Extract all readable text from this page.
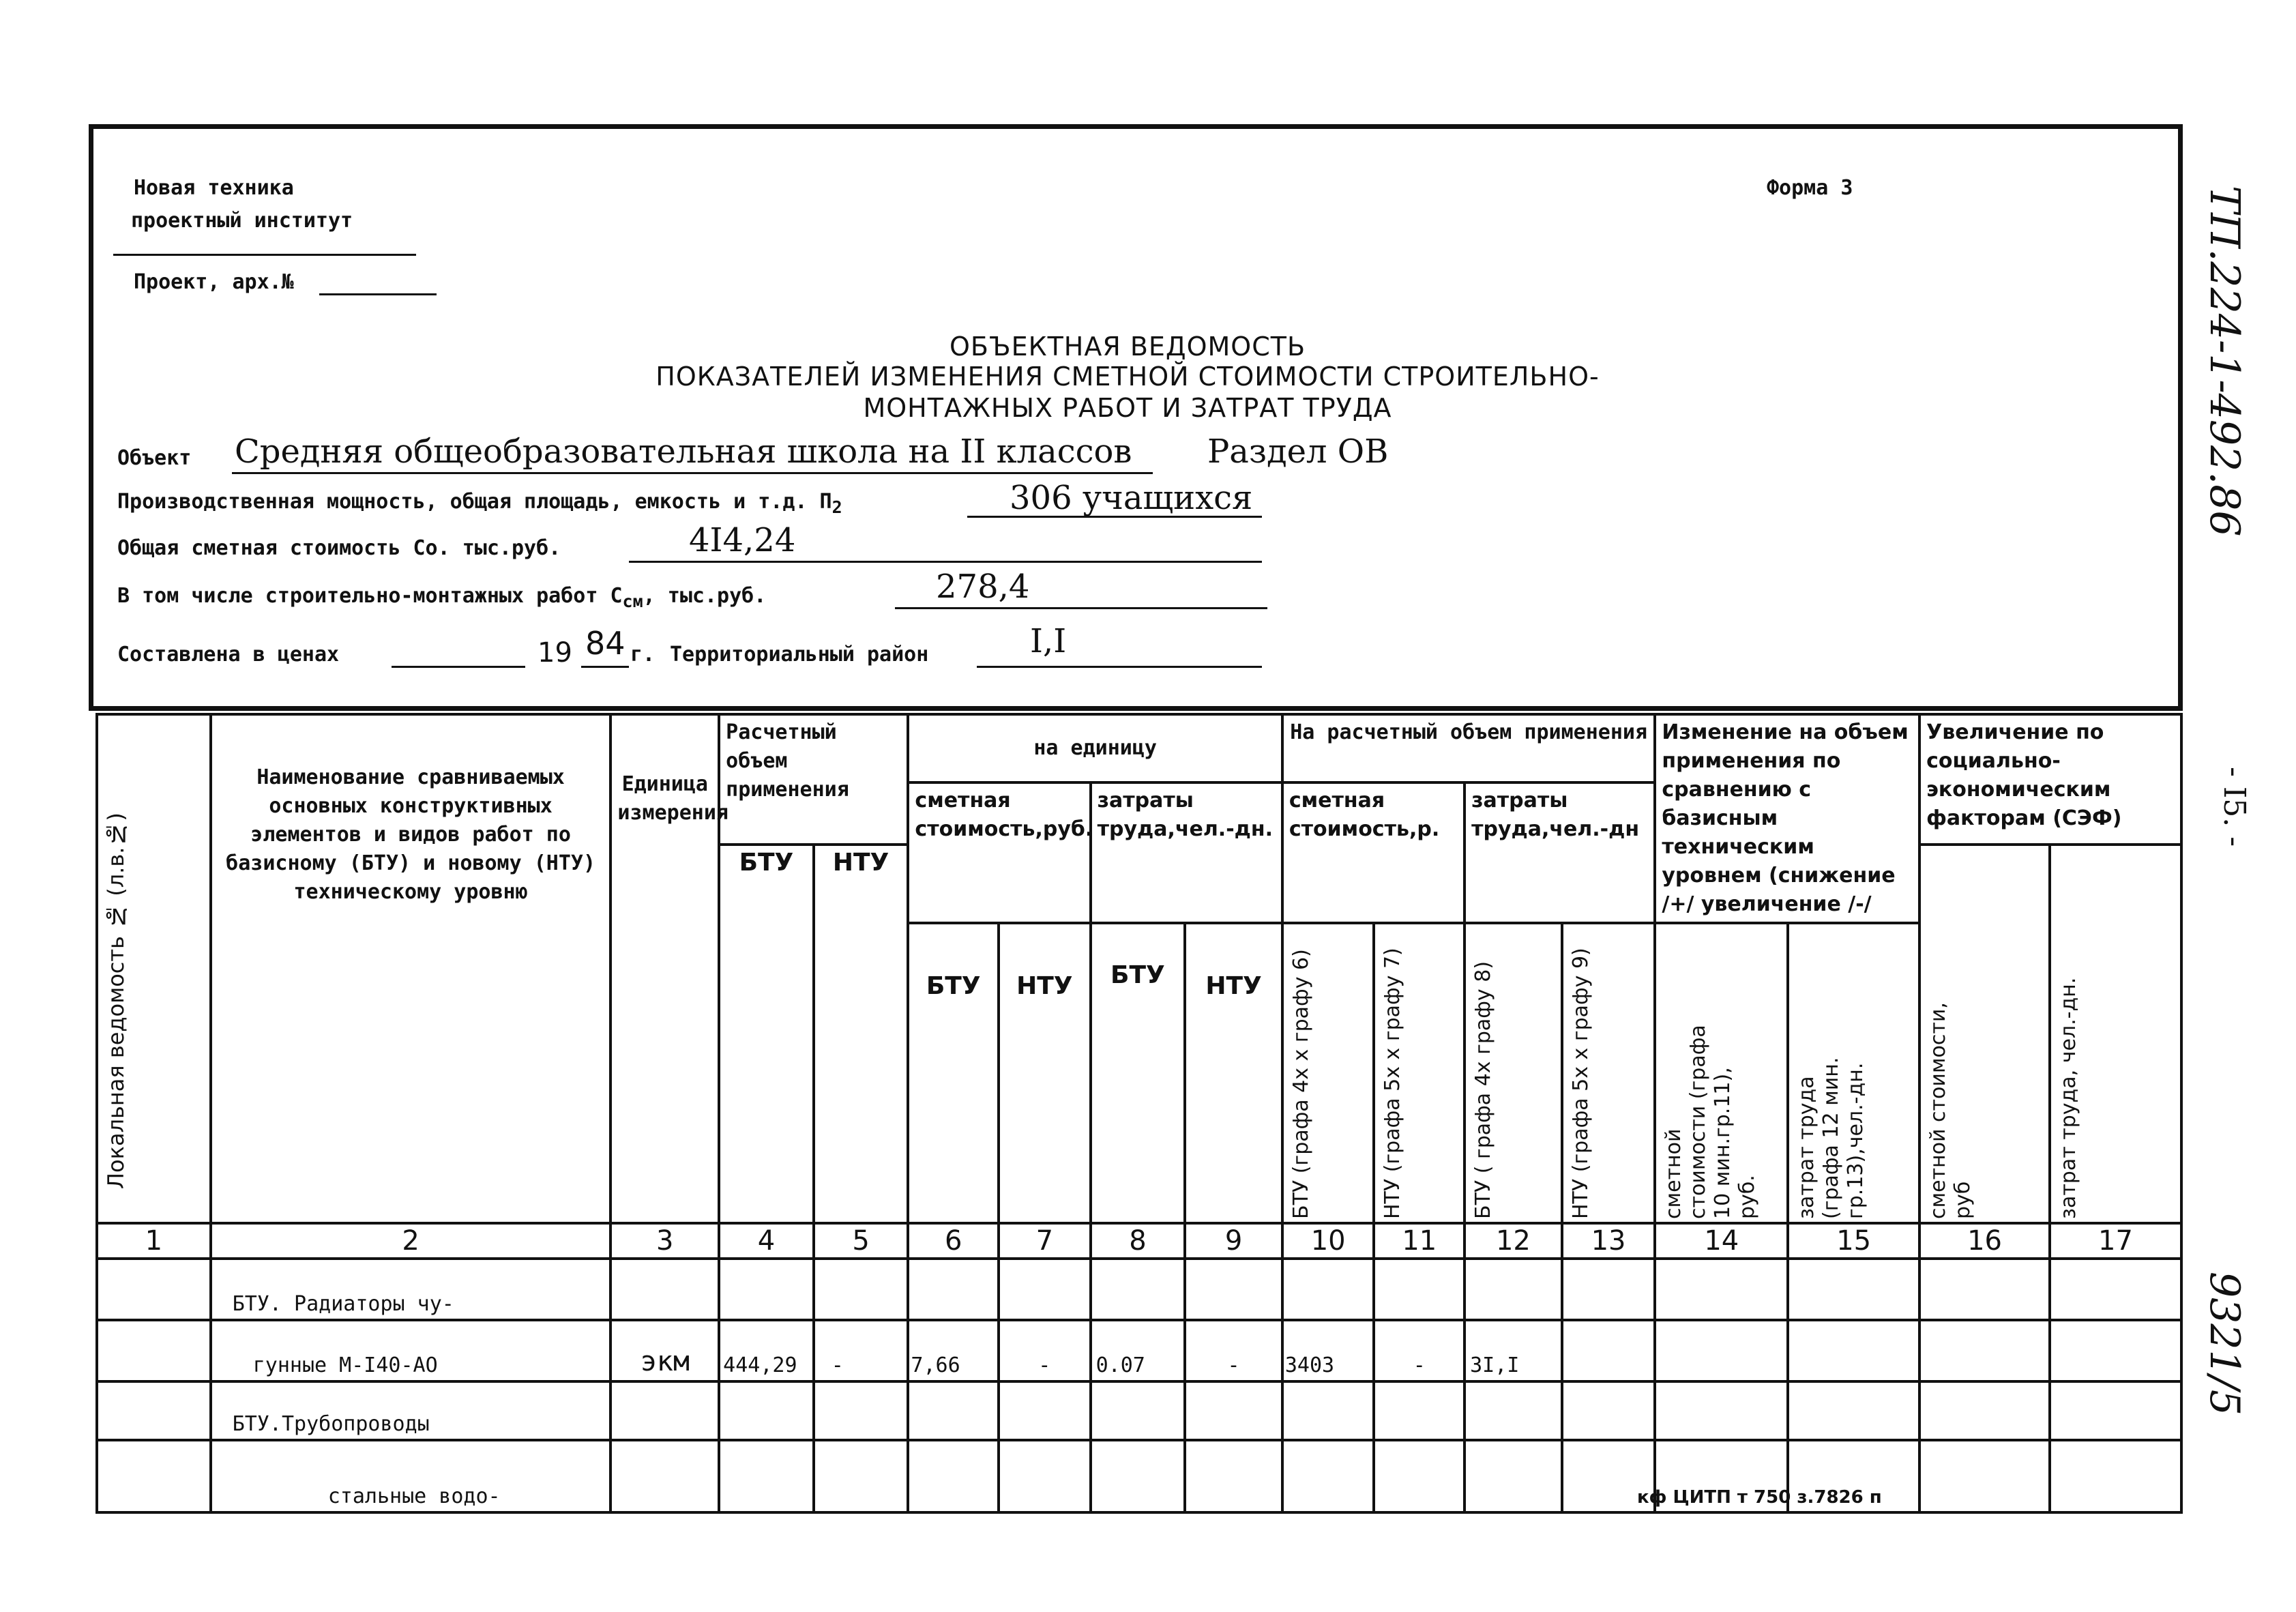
Новая техника
проектный институт
Проект, арх.№
Форма 3
ОБЪЕКТНАЯ ВЕДОМОСТЬ
ПОКАЗАТЕЛЕЙ ИЗМЕНЕНИЯ СМЕТНОЙ СТОИМОСТИ СТРОИТЕЛЬНО-
МОНТАЖНЫХ РАБОТ И ЗАТРАТ ТРУДА
Объект Средняя общеобразовательная школа на II классов Раздел ОВ
Производственная мощность, общая площадь, емкость и т.д. $П_2$	306 учащихся
Общая сметная стоимость Со. тыс.руб.	4I4,24
В том числе строительно-монтажных работ $С_{см}$, тыс.руб.	278,4
Составлена в ценах	19 84 г. Территориальный район	I,I
Локальная ведомость № (л.в.№)	Наименование сравниваемых основных конструктивных элементов и видов работ по базисному (БТУ) и новому (НТУ) техническому уровню	Единица измерения	Расчетный объем применения		на единицу				На расчетный объем применения				Изменение на объем применения по сравнению с базисным техническим уровнем (снижение /+/ увеличение /-/		Увеличение по социально-экономическим факторам (СЭФ)	
					сметная стоимость,руб.		затраты труда,чел.-дн.		сметная стоимость,р.		затраты труда,чел.-дн					
			БТУ	НТУ											сметной стоимости, руб	затрат труда, чел.-дн.

					БТУ	НТУ	БТУ	НТУ	БТУ (графа 4х х графу 6)	НТУ (графа 5х х графу 7)	БТУ ( графа 4х графу 8)	НТУ (графа 5х х графу 9)	сметной стоимости (графа 10 мин.гр.11), руб.	затрат труда (графа 12 мин. гр.13),чел.-дн.		

1	2	3	4	5	6	7	8	9	10	11	12	13	14	15	16	17
	БТУ. Радиаторы чу-															
	гунные М-I40-АО	экм	444,29	-	7,66	-	0.07	-	3403	-	3I,I					
	БТУ.Трубопроводы															
	стальные водо-															
ТП.224-1-492.86
- I5. -
9321/5
кф ЦИТП т 750 з.7826 п
